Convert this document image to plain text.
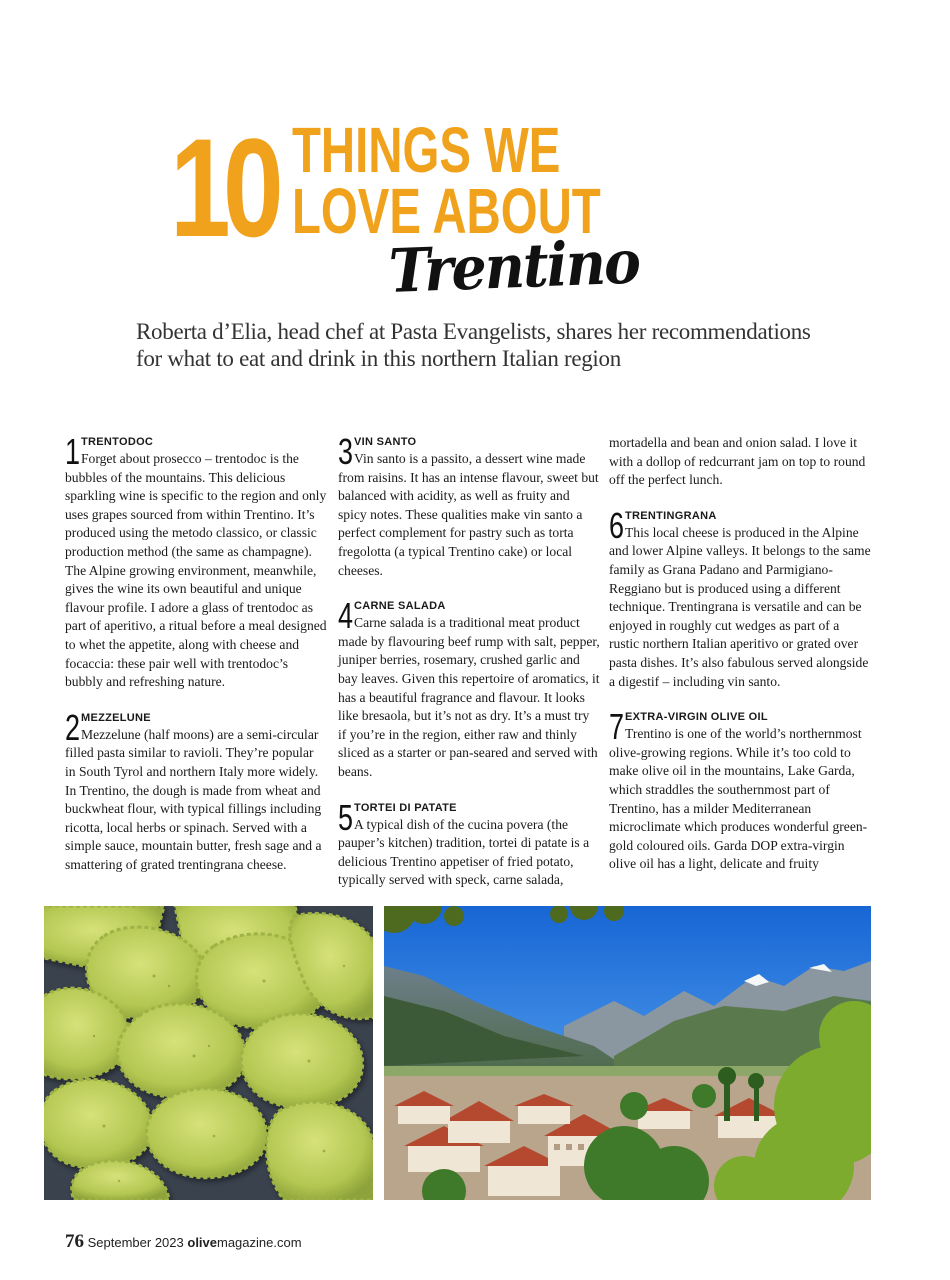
10 THINGS WE
LOVE ABOUT
Trentino

Roberta d’Elia, head chef at Pasta Evangelists, shares her recommendations for what to eat and drink in this northern Italian region

1 TRENTODOC

Forget about prosecco – trentodoc is the bubbles of the mountains. This delicious sparkling wine is specific to the region and only uses grapes sourced from within Trentino. It’s produced using the metodo classico, or classic production method (the same as champagne). The Alpine growing environment, meanwhile, gives the wine its own beautiful and unique flavour profile. I adore a glass of trentodoc as part of aperitivo, a ritual before a meal designed to whet the appetite, along with cheese and focaccia: these pair well with trentodoc’s bubbly and refreshing nature.

2 MEZZELUNE

Mezzelune (half moons) are a semi-circular filled pasta similar to ravioli. They’re popular in South Tyrol and northern Italy more widely. In Trentino, the dough is made from wheat and buckwheat flour, with typical fillings including ricotta, local herbs or spinach. Served with a simple sauce, mountain butter, fresh sage and a smattering of grated trentingrana cheese.

3 VIN SANTO

Vin santo is a passito, a dessert wine made from raisins. It has an intense flavour, sweet but balanced with acidity, as well as fruity and spicy notes. These qualities make vin santo a perfect complement for pastry such as torta fregolotta (a typical Trentino cake) or local cheeses.

4 CARNE SALADA

Carne salada is a traditional meat product made by flavouring beef rump with salt, pepper, juniper berries, rosemary, crushed garlic and bay leaves. Given this repertoire of aromatics, it has a beautiful fragrance and flavour. It looks like bresaola, but it’s not as dry. It’s a must try if you’re in the region, either raw and thinly sliced as a starter or pan-seared and served with beans.

5 TORTEI DI PATATE

A typical dish of the cucina povera (the pauper’s kitchen) tradition, tortei di patate is a delicious Trentino appetiser of fried potato, typically served with speck, carne salada,

mortadella and bean and onion salad. I love it with a dollop of redcurrant jam on top to round off the perfect lunch.

6 TRENTINGRANA

This local cheese is produced in the Alpine and lower Alpine valleys. It belongs to the same family as Grana Padano and Parmigiano-Reggiano but is produced using a different technique. Trentingrana is versatile and can be enjoyed in roughly cut wedges as part of a rustic northern Italian aperitivo or grated over pasta dishes. It’s also fabulous served alongside a digestif – including vin santo.

7 EXTRA-VIRGIN OLIVE OIL

Trentino is one of the world’s northernmost olive-growing regions. While it’s too cold to make olive oil in the mountains, Lake Garda, which straddles the southernmost part of Trentino, has a milder Mediterranean microclimate which produces wonderful green-gold coloured oils. Garda DOP extra-virgin olive oil has a light, delicate and fruity

76 September 2023 olivemagazine.com
